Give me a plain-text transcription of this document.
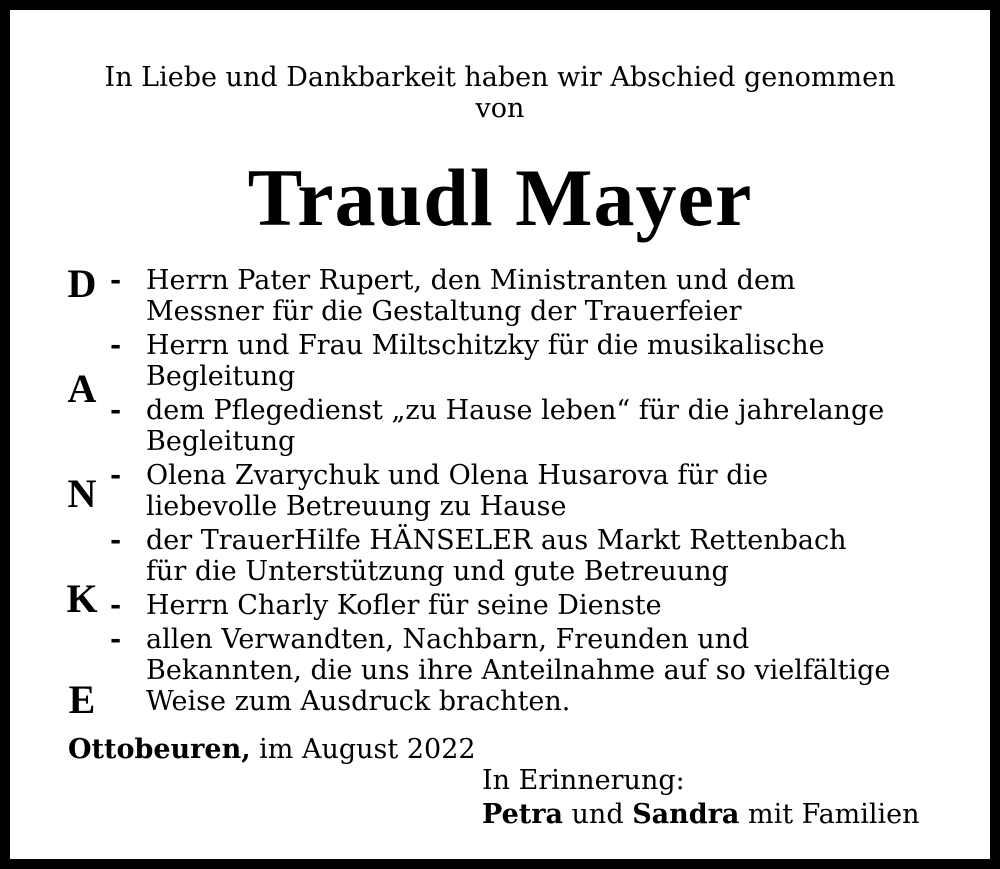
In Liebe und Dankbarkeit haben wir Abschied genommen
von
Traudl Mayer
D
A
N
K
E
- Herrn Pater Rupert, den Ministranten und dem
Messner für die Gestaltung der Trauerfeier
- Herrn und Frau Miltschitzky für die musikalische
Begleitung
- dem Pflegedienst „zu Hause leben“ für die jahrelange
Begleitung
- Olena Zvarychuk und Olena Husarova für die
liebevolle Betreuung zu Hause
- der TrauerHilfe HÄNSELER aus Markt Rettenbach
für die Unterstützung und gute Betreuung
- Herrn Charly Kofler für seine Dienste
- allen Verwandten, Nachbarn, Freunden und
Bekannten, die uns ihre Anteilnahme auf so vielfältige
Weise zum Ausdruck brachten.
Ottobeuren, im August 2022
In Erinnerung:
Petra und Sandra mit Familien
